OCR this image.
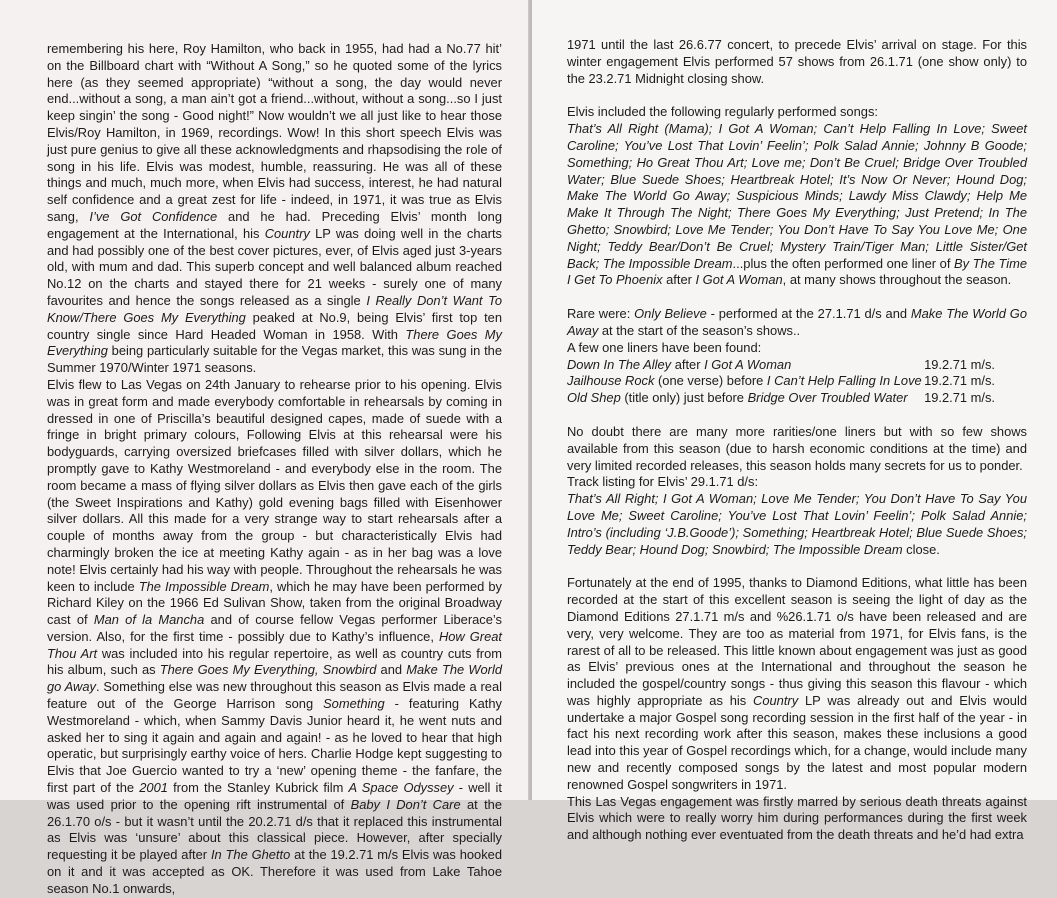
remembering his here, Roy Hamilton, who back in 1955, had had a No.77 hit’ on the Billboard chart with “Without A Song,” so he quoted some of the lyrics here (as they seemed appropriate) “without a song, the day would never end...without a song, a man ain’t got a friend...without, without a song...so I just keep singin’ the song - Good night!” Now wouldn’t we all just like to hear those Elvis/Roy Hamilton, in 1969, recordings. Wow! In this short speech Elvis was just pure genius to give all these acknowledgments and rhapsodising the role of song in his life. Elvis was modest, humble, reassuring. He was all of these things and much, much more, when Elvis had success, interest, he had natural self confidence and a great zest for life - indeed, in 1971, it was true as Elvis sang, I’ve Got Confidence and he had. Preceding Elvis’ month long engagement at the International, his Country LP was doing well in the charts and had possibly one of the best cover pictures, ever, of Elvis aged just 3-years old, with mum and dad. This superb concept and well balanced album reached No.12 on the charts and stayed there for 21 weeks - surely one of many favourites and hence the songs released as a single I Really Don’t Want To Know/There Goes My Everything peaked at No.9, being Elvis’ first top ten country single since Hard Headed Woman in 1958. With There Goes My Everything being particularly suitable for the Vegas market, this was sung in the Summer 1970/Winter 1971 seasons.

Elvis flew to Las Vegas on 24th January to rehearse prior to his opening. Elvis was in great form and made everybody comfortable in rehearsals by coming in dressed in one of Priscilla’s beautiful designed capes, made of suede with a fringe in bright primary colours, Following Elvis at this rehearsal were his bodyguards, carrying oversized briefcases filled with silver dollars, which he promptly gave to Kathy Westmoreland - and everybody else in the room. The room became a mass of flying silver dollars as Elvis then gave each of the girls (the Sweet Inspirations and Kathy) gold evening bags filled with Eisenhower silver dollars. All this made for a very strange way to start rehearsals after a couple of months away from the group - but characteristically Elvis had charmingly broken the ice at meeting Kathy again - as in her bag was a love note! Elvis certainly had his way with people. Throughout the rehearsals he was keen to include The Impossible Dream, which he may have been performed by Richard Kiley on the 1966 Ed Sulivan Show, taken from the original Broadway cast of Man of la Mancha and of course fellow Vegas performer Liberace’s version. Also, for the first time - possibly due to Kathy’s influence, How Great Thou Art was included into his regular repertoire, as well as country cuts from his album, such as There Goes My Everything, Snowbird and Make The World go Away. Something else was new throughout this season as Elvis made a real feature out of the George Harrison song Something - featuring Kathy Westmoreland - which, when Sammy Davis Junior heard it, he went nuts and asked her to sing it again and again and again! - as he loved to hear that high operatic, but surprisingly earthy voice of hers. Charlie Hodge kept suggesting to Elvis that Joe Guercio wanted to try a ‘new’ opening theme - the fanfare, the first part of the 2001 from the Stanley Kubrick film A Space Odyssey - well it was used prior to the opening rift instrumental of Baby I Don’t Care at the 26.1.70 o/s - but it wasn’t until the 20.2.71 d/s that it replaced this instrumental as Elvis was ‘unsure’ about this classical piece. However, after specially requesting it be played after In The Ghetto at the 19.2.71 m/s Elvis was hooked on it and it was accepted as OK. Therefore it was used from Lake Tahoe season No.1 onwards,

1971 until the last 26.6.77 concert, to precede Elvis’ arrival on stage. For this winter engagement Elvis performed 57 shows from 26.1.71 (one show only) to the 23.2.71 Midnight closing show.

Elvis included the following regularly performed songs:

That’s All Right (Mama); I Got A Woman; Can’t Help Falling In Love; Sweet Caroline; You’ve Lost That Lovin’ Feelin’; Polk Salad Annie; Johnny B Goode; Something; Ho Great Thou Art; Love me; Don’t Be Cruel; Bridge Over Troubled Water; Blue Suede Shoes; Heartbreak Hotel; It’s Now Or Never; Hound Dog; Make The World Go Away; Suspicious Minds; Lawdy Miss Clawdy; Help Me Make It Through The Night; There Goes My Everything; Just Pretend; In The Ghetto; Snowbird; Love Me Tender; You Don’t Have To Say You Love Me; One Night; Teddy Bear/Don’t Be Cruel; Mystery Train/Tiger Man; Little Sister/Get Back; The Impossible Dream...plus the often performed one liner of By The Time I Get To Phoenix after I Got A Woman, at many shows throughout the season.

Rare were: Only Believe - performed at the 27.1.71 d/s and Make The World Go Away at the start of the season’s shows..

A few one liners have been found:

Down In The Alley after I Got A Woman	19.2.71 m/s.
Jailhouse Rock (one verse) before I Can’t Help Falling In Love 19.2.71 m/s.
Old Shep (title only) just before Bridge Over Troubled Water 19.2.71 m/s.

No doubt there are many more rarities/one liners but with so few shows available from this season (due to harsh economic conditions at the time) and very limited recorded releases, this season holds many secrets for us to ponder.

Track listing for Elvis’ 29.1.71 d/s:

That’s All Right; I Got A Woman; Love Me Tender; You Don’t Have To Say You Love Me; Sweet Caroline; You’ve Lost That Lovin’ Feelin’; Polk Salad Annie; Intro’s (including ‘J.B.Goode’); Something; Heartbreak Hotel; Blue Suede Shoes; Teddy Bear; Hound Dog; Snowbird; The Impossible Dream close.

Fortunately at the end of 1995, thanks to Diamond Editions, what little has been recorded at the start of this excellent season is seeing the light of day as the Diamond Editions 27.1.71 m/s and %26.1.71 o/s have been released and are very, very welcome. They are too as material from 1971, for Elvis fans, is the rarest of all to be released. This little known about engagement was just as good as Elvis’ previous ones at the International and throughout the season he included the gospel/country songs - thus giving this season this flavour - which was highly appropriate as his Country LP was already out and Elvis would undertake a major Gospel song recording session in the first half of the year - in fact his next recording work after this season, makes these inclusions a good lead into this year of Gospel recordings which, for a change, would include many new and recently composed songs by the latest and most popular modern renowned Gospel songwriters in 1971.

This Las Vegas engagement was firstly marred by serious death threats against Elvis which were to really worry him during performances during the first week and although nothing ever eventuated from the death threats and he’d had extra
